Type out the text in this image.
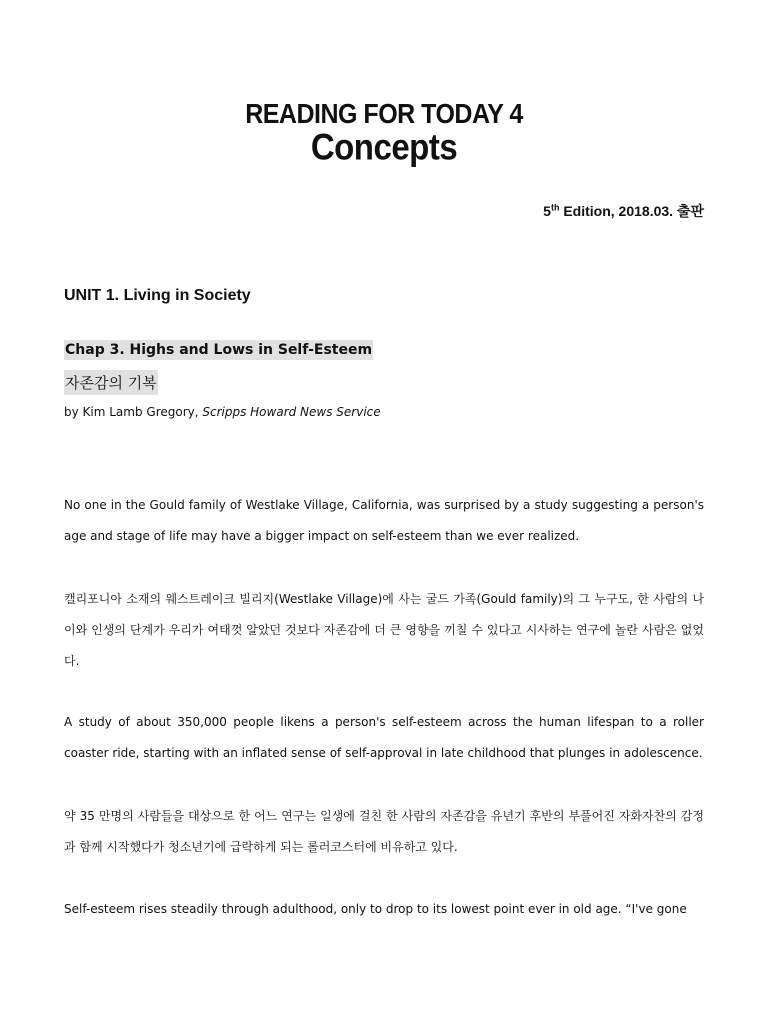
READING FOR TODAY 4
Concepts
5th Edition, 2018.03. 출판
UNIT 1. Living in Society
Chap 3. Highs and Lows in Self-Esteem
자존감의 기복
by Kim Lamb Gregory, Scripps Howard News Service
No one in the Gould family of Westlake Village, California, was surprised by a study suggesting a person's age and stage of life may have a bigger impact on self-esteem than we ever realized.
캘리포니아 소재의 웨스트레이크 빌리지(Westlake Village)에 사는 굴드 가족(Gould family)의 그 누구도, 한 사람의 나이와 인생의 단계가 우리가 여태껏 알았던 것보다 자존감에 더 큰 영향을 끼칠 수 있다고 시사하는 연구에 놀란 사람은 없었다.
A study of about 350,000 people likens a person's self-esteem across the human lifespan to a roller coaster ride, starting with an inflated sense of self-approval in late childhood that plunges in adolescence.
약 35 만명의 사람들을 대상으로 한 어느 연구는 일생에 걸친 한 사람의 자존감을 유년기 후반의 부풀어진 자화자찬의 감정과 함께 시작했다가 청소년기에 급락하게 되는 롤러코스터에 비유하고 있다.
Self-esteem rises steadily through adulthood, only to drop to its lowest point ever in old age. “I've gone
